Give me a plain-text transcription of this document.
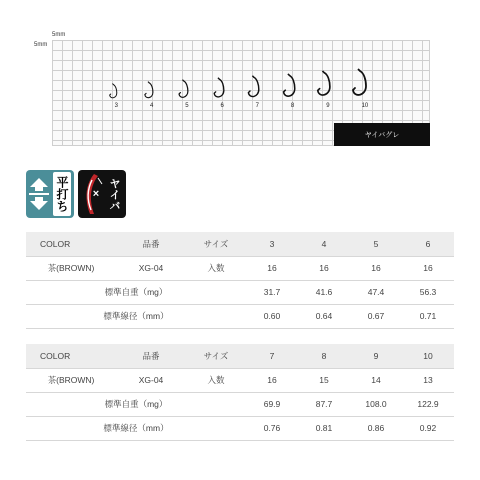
5mm
5mm
3	4	5	6	7	8	9	10
ヤイバグレ
平打ち	ヤイバ×
COLOR	品番	サイズ	3	4	5	6
茶(BROWN)	XG-04	入数	16	16	16	16
標準自重（mg）			31.7	41.6	47.4	56.3
標準線径（mm）			0.60	0.64	0.67	0.71
COLOR	品番	サイズ	7	8	9	10
茶(BROWN)	XG-04	入数	16	15	14	13
標準自重（mg）			69.9	87.7	108.0	122.9
標準線径（mm）			0.76	0.81	0.86	0.92
